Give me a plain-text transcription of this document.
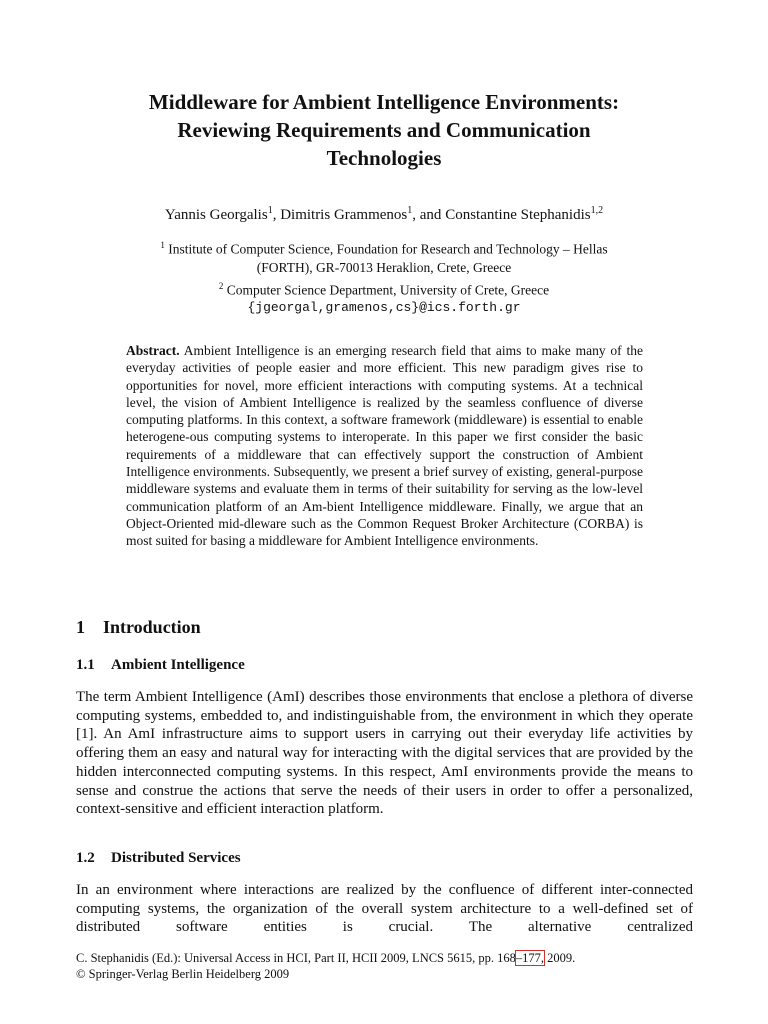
Middleware for Ambient Intelligence Environments:
Reviewing Requirements and Communication
Technologies
Yannis Georgalis$^1$, Dimitris Grammenos$^1$, and Constantine Stephanidis$^{1,2}$
$^1$ Institute of Computer Science, Foundation for Research and Technology – Hellas
(FORTH), GR-70013 Heraklion, Crete, Greece
$^2$ Computer Science Department, University of Crete, Greece
{jgeorgal,gramenos,cs}@ics.forth.gr
Abstract. Ambient Intelligence is an emerging research field that aims to make many of the everyday activities of people easier and more efficient. This new paradigm gives rise to opportunities for novel, more efficient interactions with computing systems. At a technical level, the vision of Ambient Intelligence is realized by the seamless confluence of diverse computing platforms. In this context, a software framework (middleware) is essential to enable heterogene-ous computing systems to interoperate. In this paper we first consider the basic requirements of a middleware that can effectively support the construction of Ambient Intelligence environments. Subsequently, we present a brief survey of existing, general-purpose middleware systems and evaluate them in terms of their suitability for serving as the low-level communication platform of an Am-bient Intelligence middleware. Finally, we argue that an Object-Oriented mid-dleware such as the Common Request Broker Architecture (CORBA) is most suited for basing a middleware for Ambient Intelligence environments.
1 Introduction
1.1 Ambient Intelligence
The term Ambient Intelligence (AmI) describes those environments that enclose a plethora of diverse computing systems, embedded to, and indistinguishable from, the environment in which they operate [1]. An AmI infrastructure aims to support users in carrying out their everyday life activities by offering them an easy and natural way for interacting with the digital services that are provided by the hidden interconnected computing systems. In this respect, AmI environments provide the means to sense and construe the actions that serve the needs of their users in order to offer a personalized, context-sensitive and efficient interaction platform.
1.2 Distributed Services
In an environment where interactions are realized by the confluence of different inter-connected computing systems, the organization of the overall system architecture to a well-defined set of distributed software entities is crucial. The alternative centralized
C. Stephanidis (Ed.): Universal Access in HCI, Part II, HCII 2009, LNCS 5615, pp. 168–177, 2009.
© Springer-Verlag Berlin Heidelberg 2009
